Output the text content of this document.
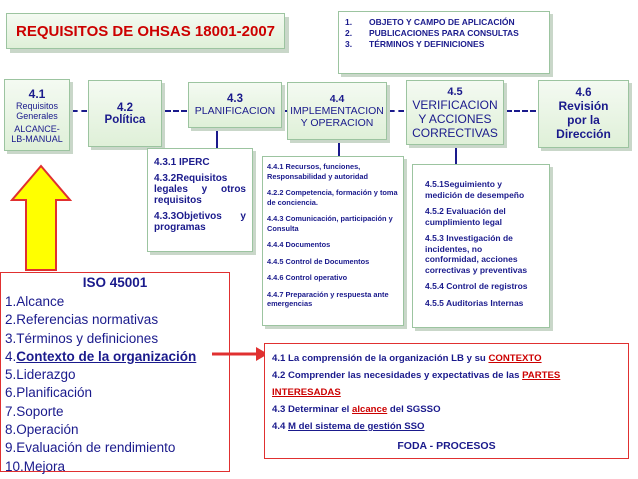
REQUISITOS DE OHSAS 18001-2007
1.	OBJETO Y CAMPO DE APLICACIÓN
2.	PUBLICACIONES PARA CONSULTAS
3.	TÉRMINOS Y DEFINICIONES
4.1
Requisitos
Generales
ALCANCE-
LB-MANUAL
4.2
Política
4.3
PLANIFICACION
4.4
IMPLEMENTACION
Y OPERACION
4.5
VERIFICACION
Y ACCIONES
CORRECTIVAS
4.6
Revisión
por la
Dirección
4.3.1 IPERC
4.3.2Requisitos legales y otros requisitos
4.3.3Objetivos y programas
4.4.1 Recursos, funciones, Responsabilidad y autoridad
4.2.2 Competencia, formación y toma de conciencia.
4.4.3 Comunicación, participación y Consulta
4.4.4 Documentos
4.4.5 Control de Documentos
4.4.6 Control operativo
4.4.7 Preparación y respuesta ante emergencias
4.5.1Seguimiento y medición de desempeño
4.5.2 Evaluación del cumplimiento legal
4.5.3 Investigación de incidentes, no conformidad, acciones correctivas y preventivas
4.5.4 Control de registros
4.5.5 Auditorias Internas
ISO 45001
1.Alcance
2.Referencias normativas
3.Términos y definiciones
4.Contexto de la organización
5.Liderazgo
6.Planificación
7.Soporte
8.Operación
9.Evaluación de rendimiento
10.Mejora
4.1 La comprensión de la organización LB y su CONTEXTO
4.2 Comprender las necesidades y expectativas de las PARTES
INTERESADAS
4.3 Determinar el alcance del SGSSO
4.4 M del sistema de gestión SSO
FODA - PROCESOS
